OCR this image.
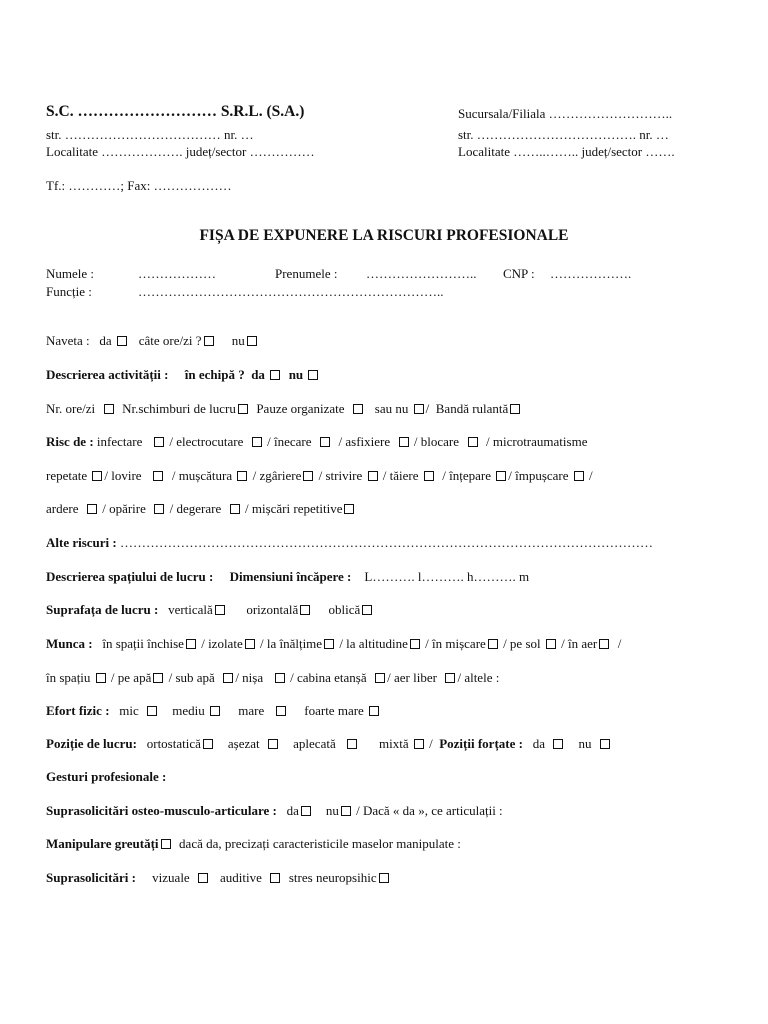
S.C. ……………………… S.R.L. (S.A.)	Sucursala/Filiala ………………………..
str. ……………………………… nr. …	str. ………………………………. nr. …
Localitate ………………. județ/sector ……………	Localitate ……..…….. județ/sector …….
Tf.: …………; Fax: ………………
FIȘA DE EXPUNERE LA RISCURI PROFESIONALE
Numele :	………………	Prenumele : …………………….. CNP : ……………….
Funcție :	……………………………………………………………..
Naveta : da câte ore/zi ? nu
Descrierea activității : în echipă ? da nu
Nr. ore/zi Nr.schimburi de lucru Pauze organizate sau nu /  Bandă rulantă
Risc de : infectare / electrocutare / înecare / asfixiere / blocare / microtraumatisme
repetate / lovire / mușcătura / zgâriere / strivire / tăiere / înțepare / împușcare /
ardere / opărire / degerare / mișcări repetitive
Alte riscuri : ……………………………………………………………………………………………………………
Descrierea spațiului de lucru : Dimensiuni încăpere : L………. l………. h………. m
Suprafața de lucru : verticală	orizontală oblică
Munca : în spații închise / izolate / la înălțime / la altitudine / în mișcare / pe sol / în aer /
în spațiu / pe apă / sub apă / nișa / cabina etanșă / aer liber / altele :
Efort fizic : mic	mediu	mare	foarte mare
Poziție de lucru: ortostatică așezat	aplecată	mixtă  /  Poziții forțate : da	nu
Gesturi profesionale :
Suprasolicitări osteo-musculo-articulare : da nu / Dacă « da », ce articulații :
Manipulare greutăți dacă da, precizați caracteristicile maselor manipulate :
Suprasolicitări : vizuale auditive stres neuropsihic
